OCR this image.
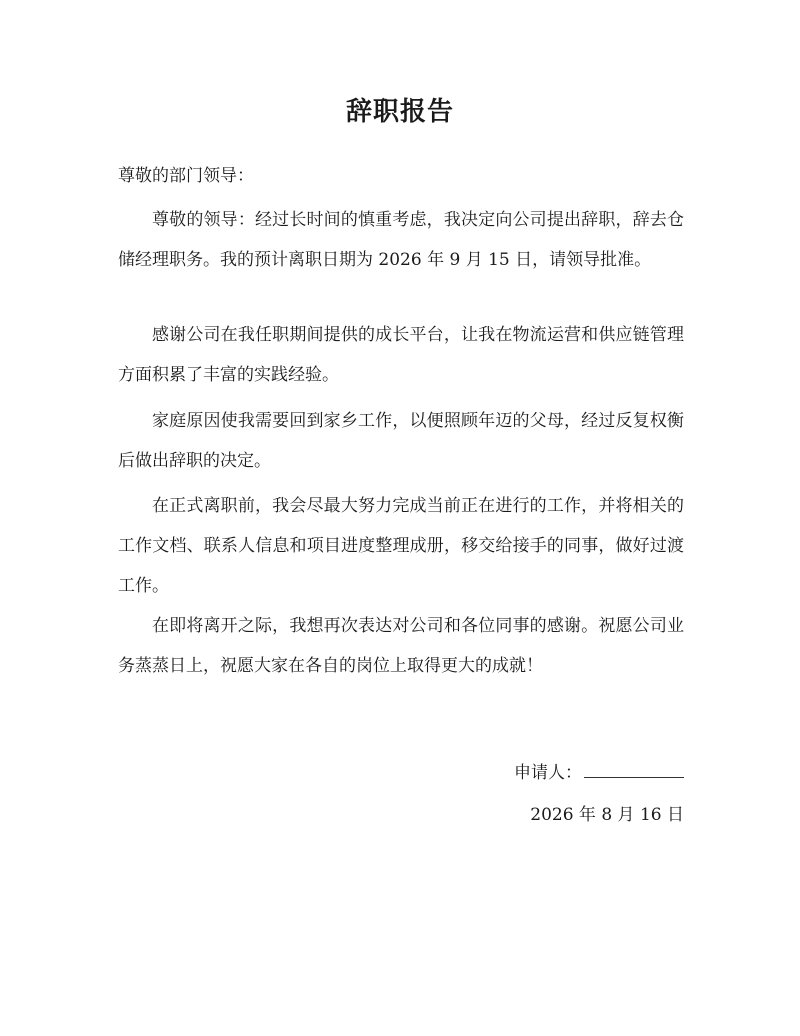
辞职报告

尊敬的部门领导：

尊敬的领导：经过长时间的慎重考虑，我决定向公司提出辞职，辞去仓储经理职务。我的预计离职日期为 2026 年 9 月 15 日，请领导批准。

感谢公司在我任职期间提供的成长平台，让我在物流运营和供应链管理方面积累了丰富的实践经验。

家庭原因使我需要回到家乡工作，以便照顾年迈的父母，经过反复权衡后做出辞职的决定。

在正式离职前，我会尽最大努力完成当前正在进行的工作，并将相关的工作文档、联系人信息和项目进度整理成册，移交给接手的同事，做好过渡工作。

在即将离开之际，我想再次表达对公司和各位同事的感谢。祝愿公司业务蒸蒸日上，祝愿大家在各自的岗位上取得更大的成就！

申请人：
2026 年 8 月 16 日
